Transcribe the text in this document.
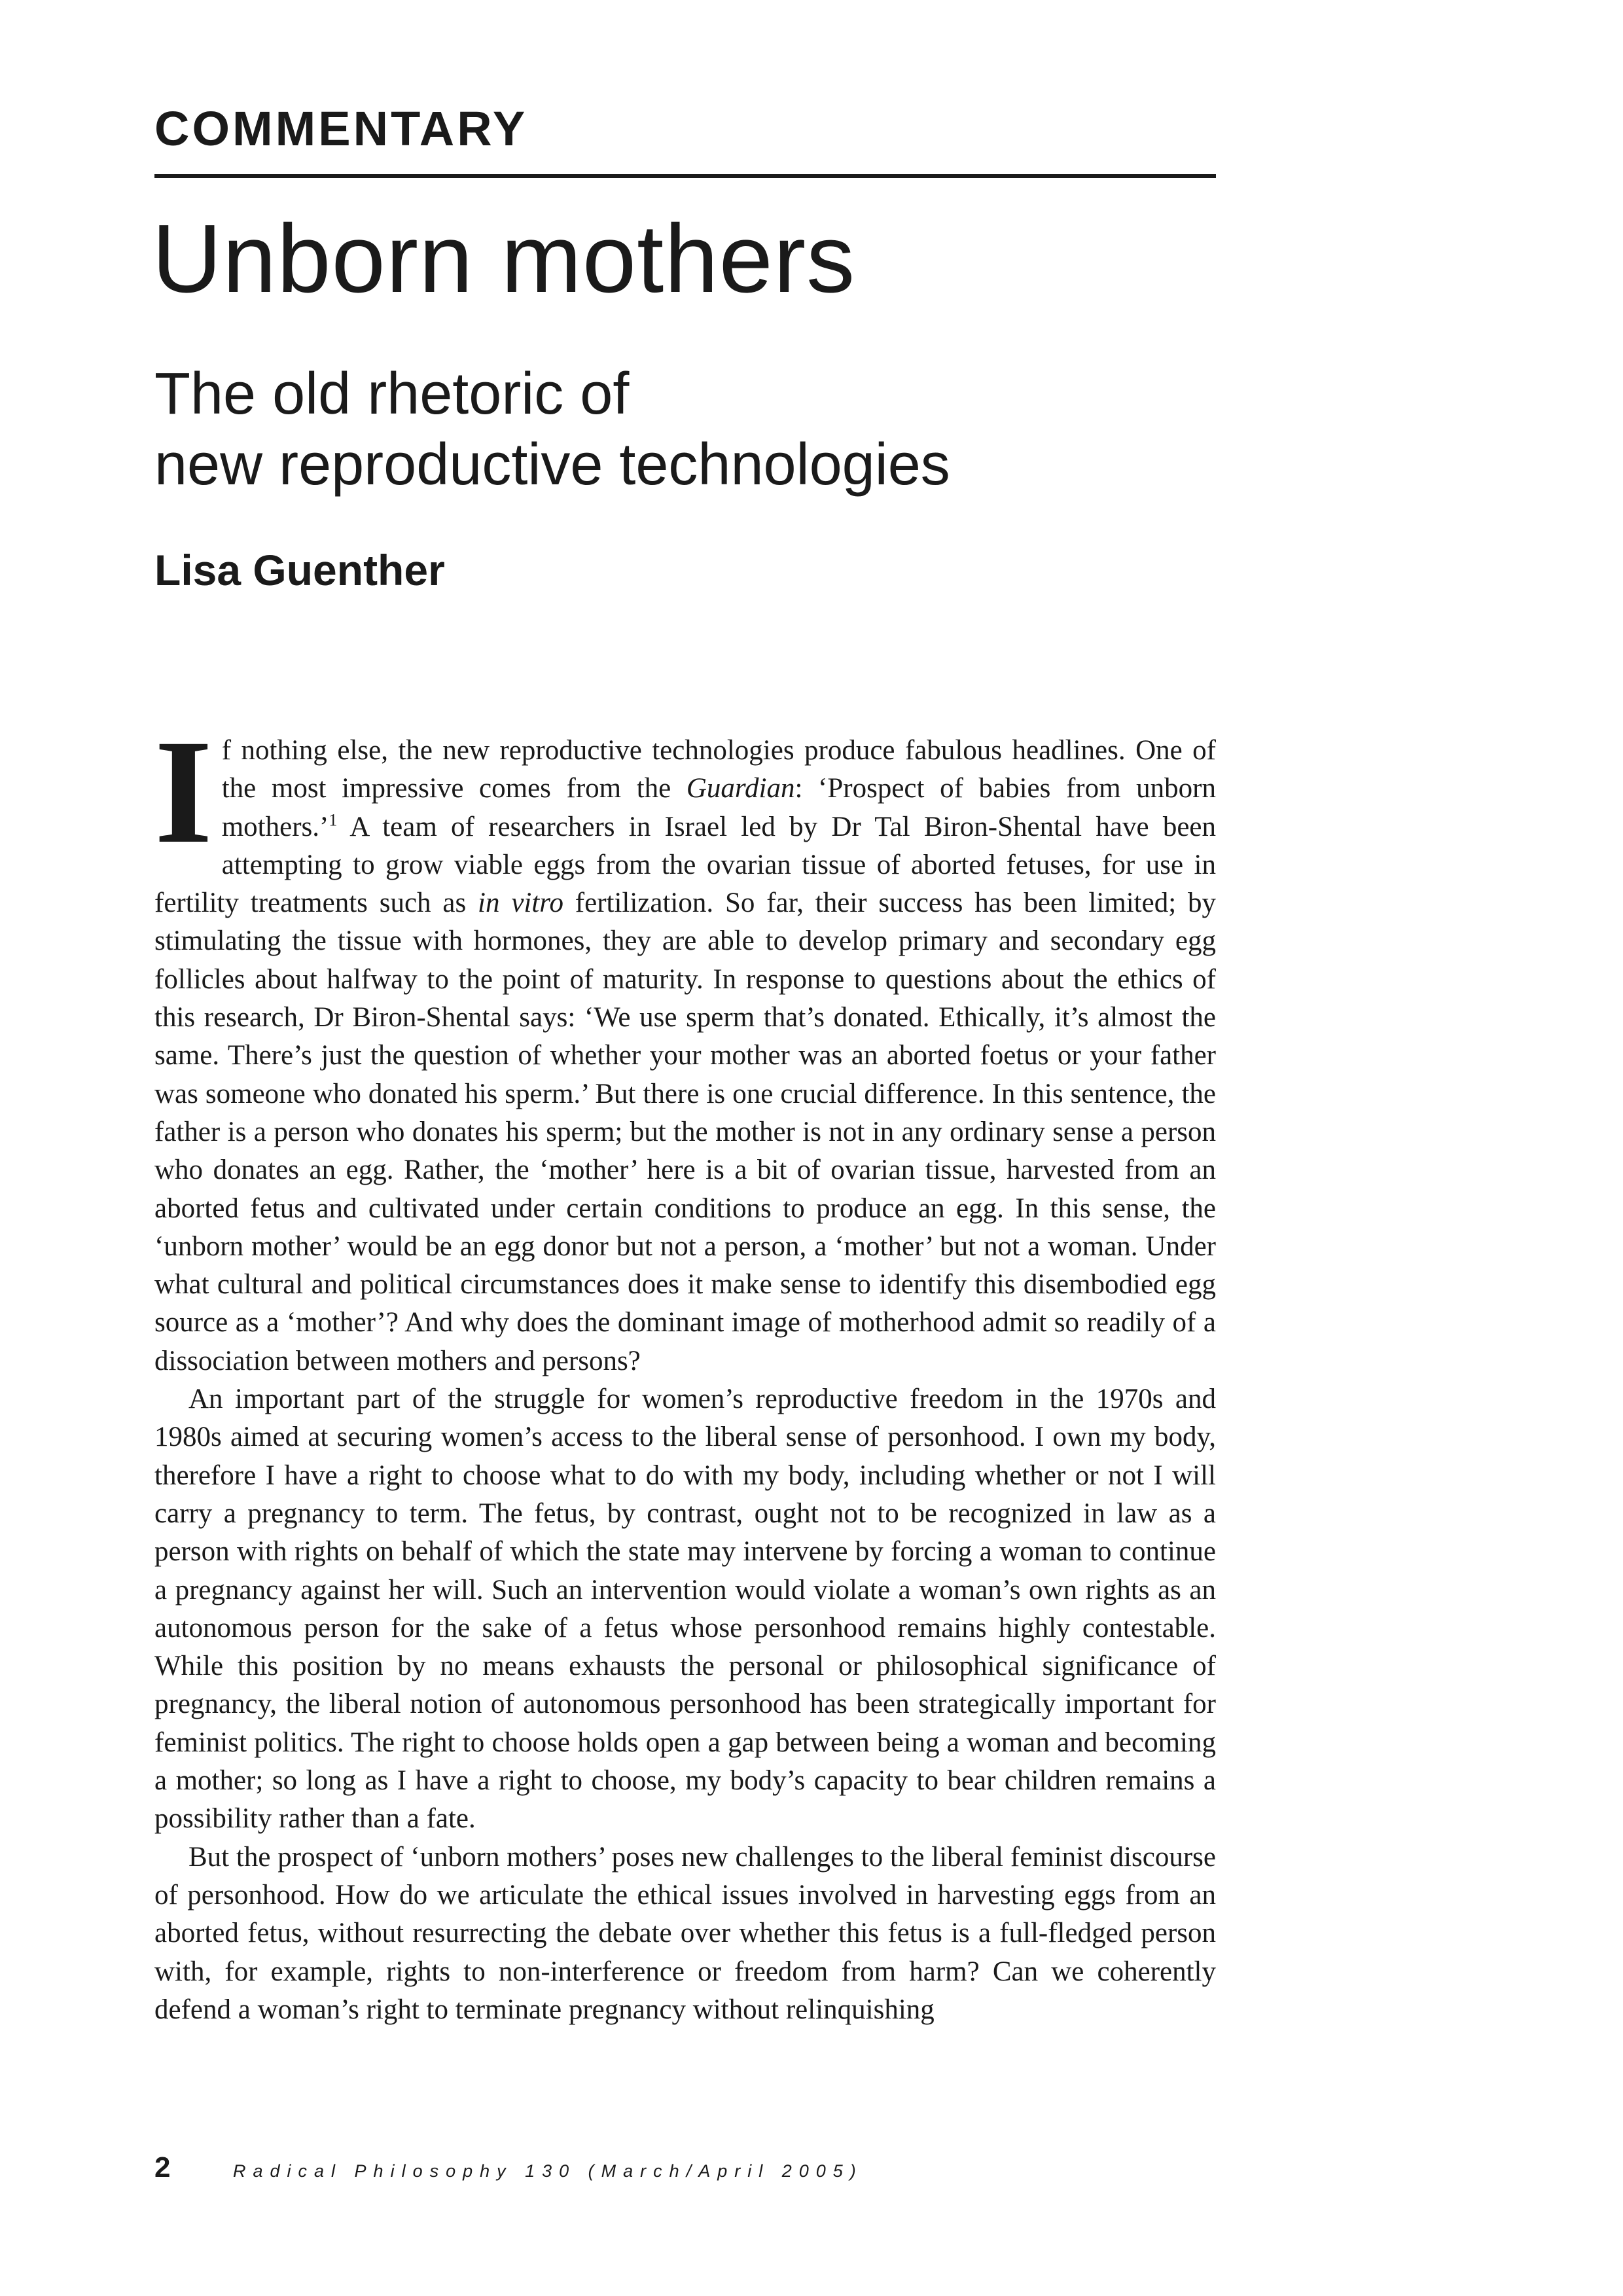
COMMENTARY
Unborn mothers
The old rhetoric of
new reproductive technologies
Lisa Guenther

If nothing else, the new reproductive technologies produce fabulous headlines. One of the most impressive comes from the Guardian: ‘Prospect of babies from unborn mothers.’$^1$ A team of researchers in Israel led by Dr Tal Biron-Shental have been attempting to grow viable eggs from the ovarian tissue of aborted fetuses, for use in fertility treatments such as in vitro fertilization. So far, their success has been limited; by stimulating the tissue with hormones, they are able to develop primary and secondary egg follicles about halfway to the point of maturity. In response to questions about the ethics of this research, Dr Biron-Shental says: ‘We use sperm that’s donated. Ethically, it’s almost the same. There’s just the question of whether your mother was an aborted foetus or your father was someone who donated his sperm.’ But there is one crucial difference. In this sentence, the father is a person who donates his sperm; but the mother is not in any ordinary sense a person who donates an egg. Rather, the ‘mother’ here is a bit of ovarian tissue, harvested from an aborted fetus and cultivated under certain conditions to produce an egg. In this sense, the ‘unborn mother’ would be an egg donor but not a person, a ‘mother’ but not a woman. Under what cultural and political circumstances does it make sense to identify this disembodied egg source as a ‘mother’? And why does the dominant image of motherhood admit so readily of a dissociation between mothers and persons?

An important part of the struggle for women’s reproductive freedom in the 1970s and 1980s aimed at securing women’s access to the liberal sense of personhood. I own my body, therefore I have a right to choose what to do with my body, including whether or not I will carry a pregnancy to term. The fetus, by contrast, ought not to be recognized in law as a person with rights on behalf of which the state may intervene by forcing a woman to continue a pregnancy against her will. Such an intervention would violate a woman’s own rights as an autonomous person for the sake of a fetus whose personhood remains highly contestable. While this position by no means exhausts the personal or philosophical significance of pregnancy, the liberal notion of autonomous personhood has been strategically important for feminist politics. The right to choose holds open a gap between being a woman and becoming a mother; so long as I have a right to choose, my body’s capacity to bear children remains a possibility rather than a fate.

But the prospect of ‘unborn mothers’ poses new challenges to the liberal feminist discourse of personhood. How do we articulate the ethical issues involved in harvesting eggs from an aborted fetus, without resurrecting the debate over whether this fetus is a full-fledged person with, for example, rights to non-interference or freedom from harm? Can we coherently defend a woman’s right to terminate pregnancy without relinquishing

2	Radical Philosophy 130 (March/April 2005)
